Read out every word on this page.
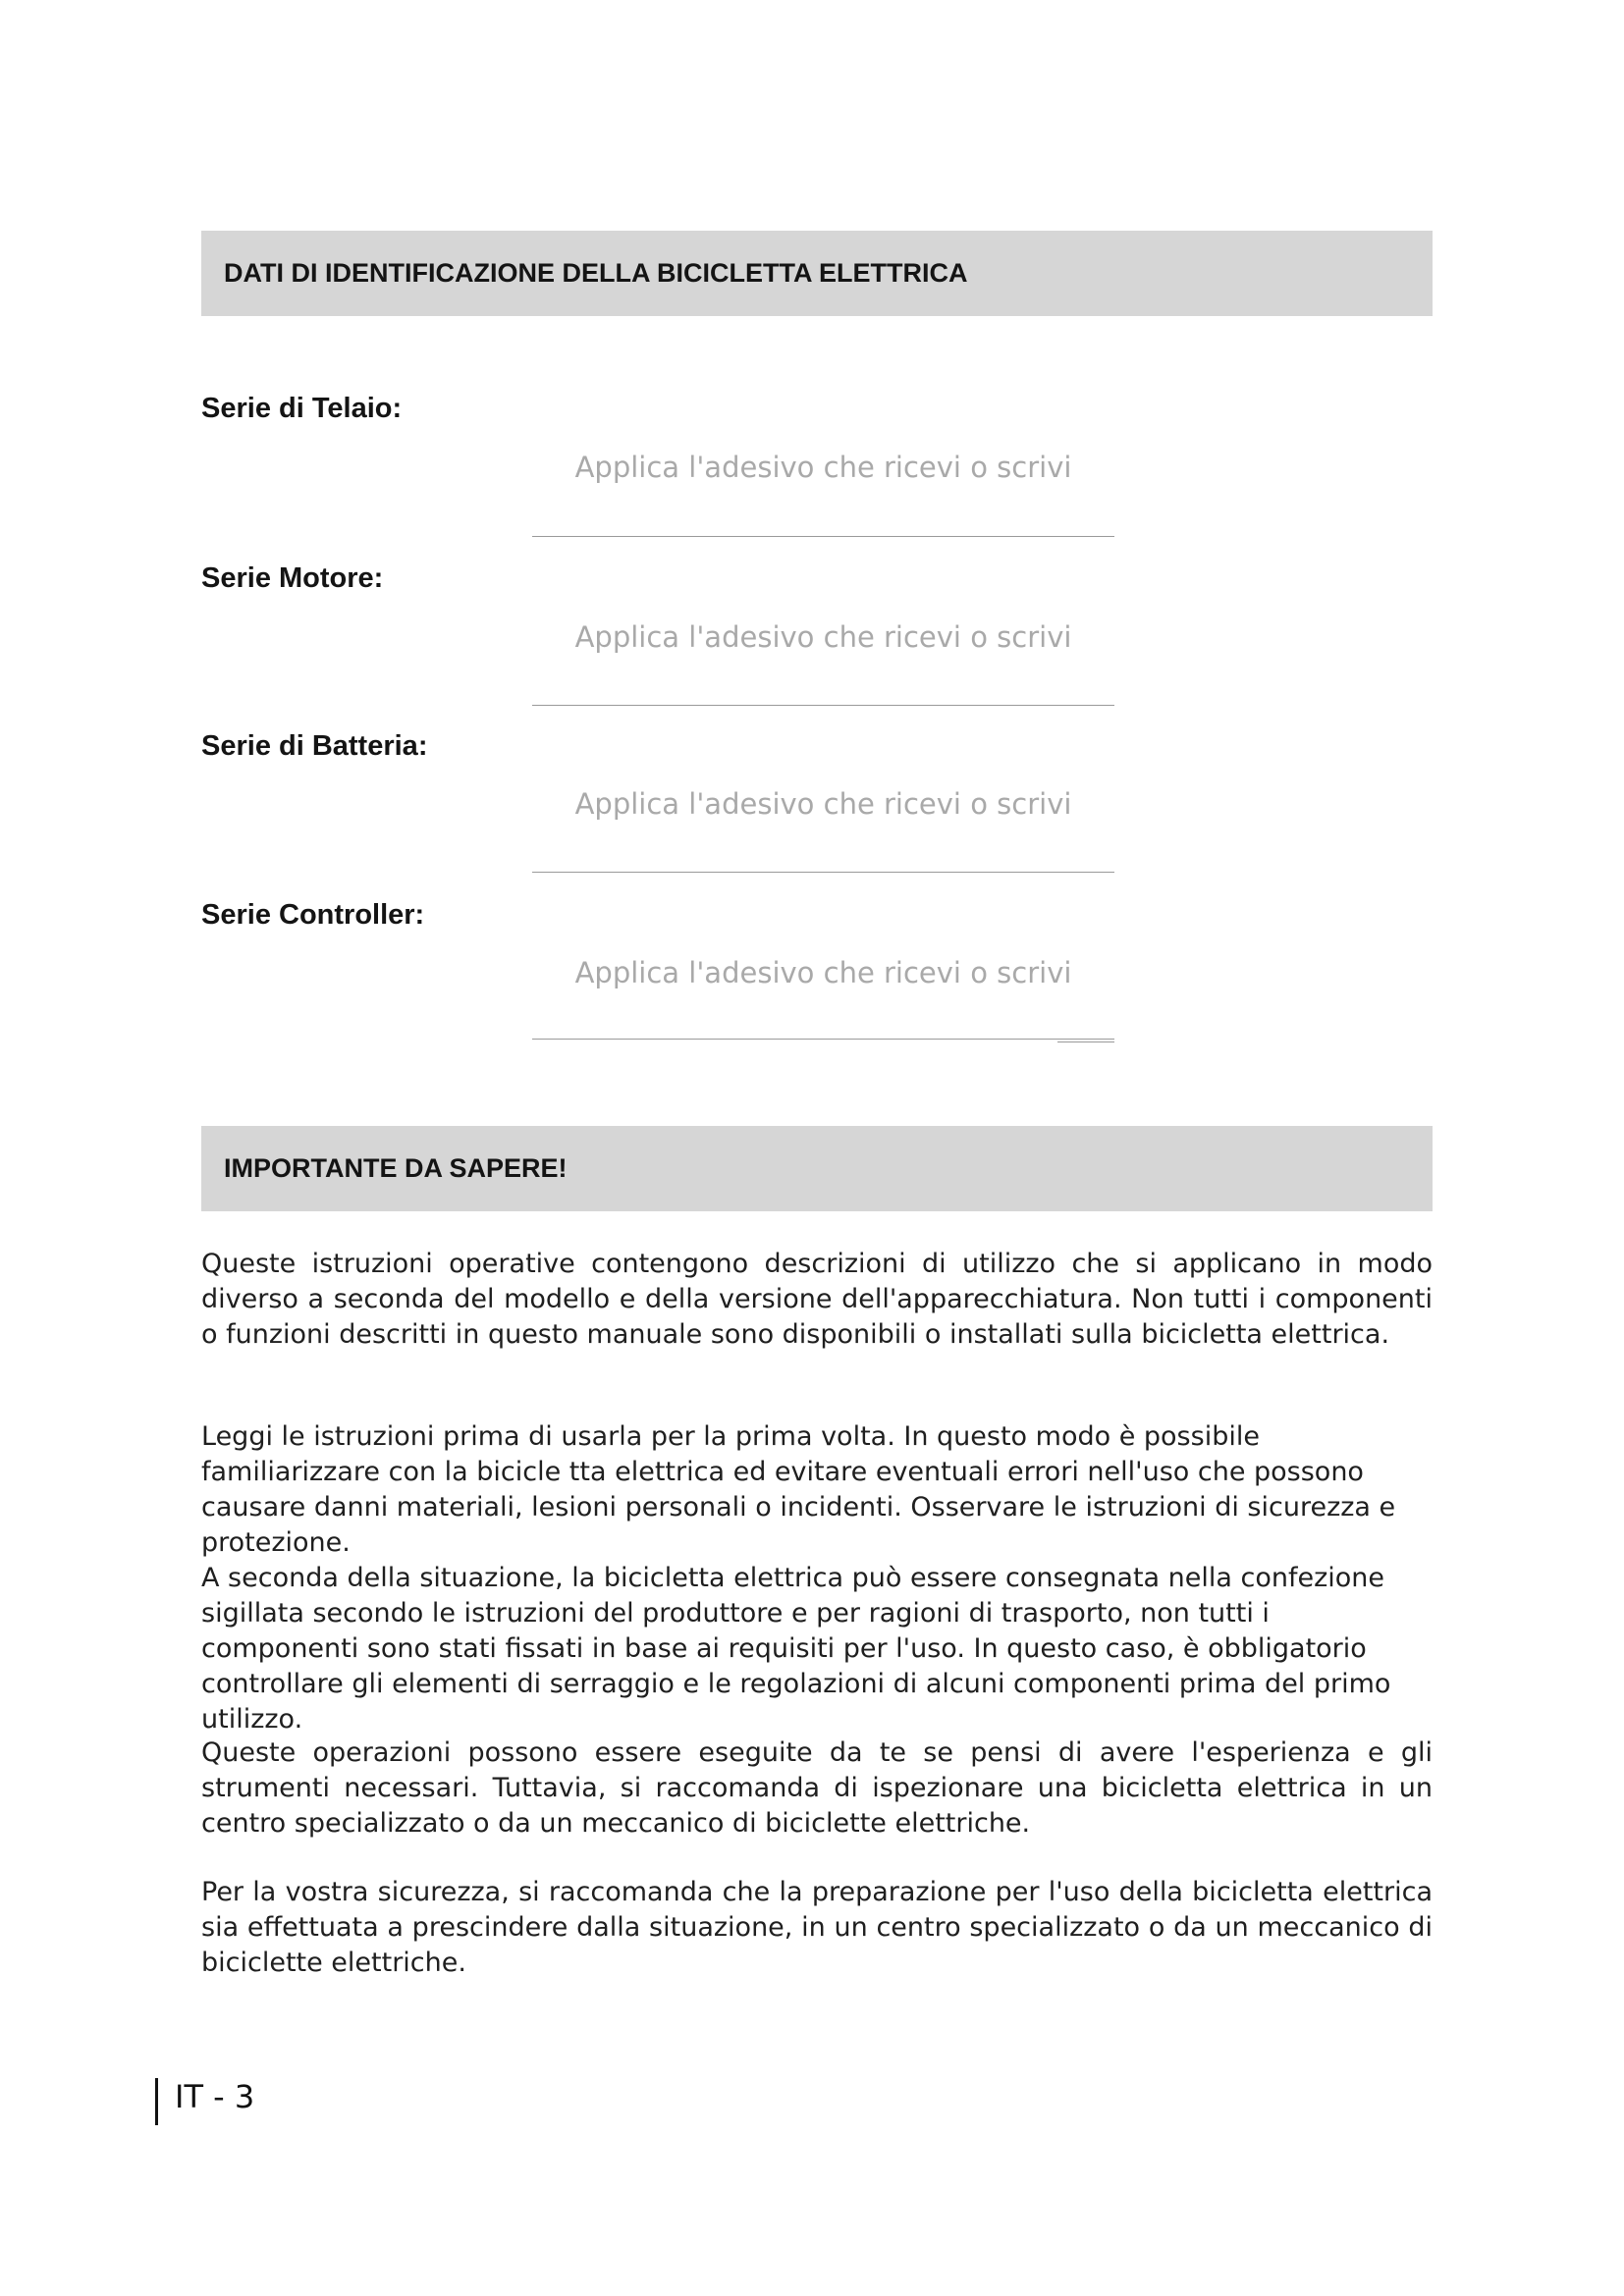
DATI DI IDENTIFICAZIONE DELLA BICICLETTA ELETTRICA
Serie di Telaio:
Applica l'adesivo che ricevi o scrivi
Serie Motore:
Applica l'adesivo che ricevi o scrivi
Serie di Batteria:
Applica l'adesivo che ricevi o scrivi
Serie Controller:
Applica l'adesivo che ricevi o scrivi
IMPORTANTE DA SAPERE!

Queste istruzioni operative contengono descrizioni di utilizzo che si applicano in modo diverso a seconda del modello e della versione dell'apparecchiatura. Non tutti i componenti o funzioni descritti in questo manuale sono disponibili o installati sulla bicicletta elettrica.

Leggi le istruzioni prima di usarla per la prima volta. In questo modo è possibile familiarizzare con la bicicle tta elettrica ed evitare eventuali errori nell'uso che possono causare danni materiali, lesioni personali o incidenti. Osservare le istruzioni di sicurezza e protezione.

A seconda della situazione, la bicicletta elettrica può essere consegnata nella confezione sigillata secondo le istruzioni del produttore e per ragioni di trasporto, non tutti i componenti sono stati fissati in base ai requisiti per l'uso. In questo caso, è obbligatorio controllare gli elementi di serraggio e le regolazioni di alcuni componenti prima del primo utilizzo.

Queste operazioni possono essere eseguite da te se pensi di avere l'esperienza e gli strumenti necessari. Tuttavia, si raccomanda di ispezionare una bicicletta elettrica in un centro specializzato o da un meccanico di biciclette elettriche.

Per la vostra sicurezza, si raccomanda che la preparazione per l'uso della bicicletta elettrica sia effettuata a prescindere dalla situazione, in un centro specializzato o da un meccanico di biciclette elettriche.

IT - 3
